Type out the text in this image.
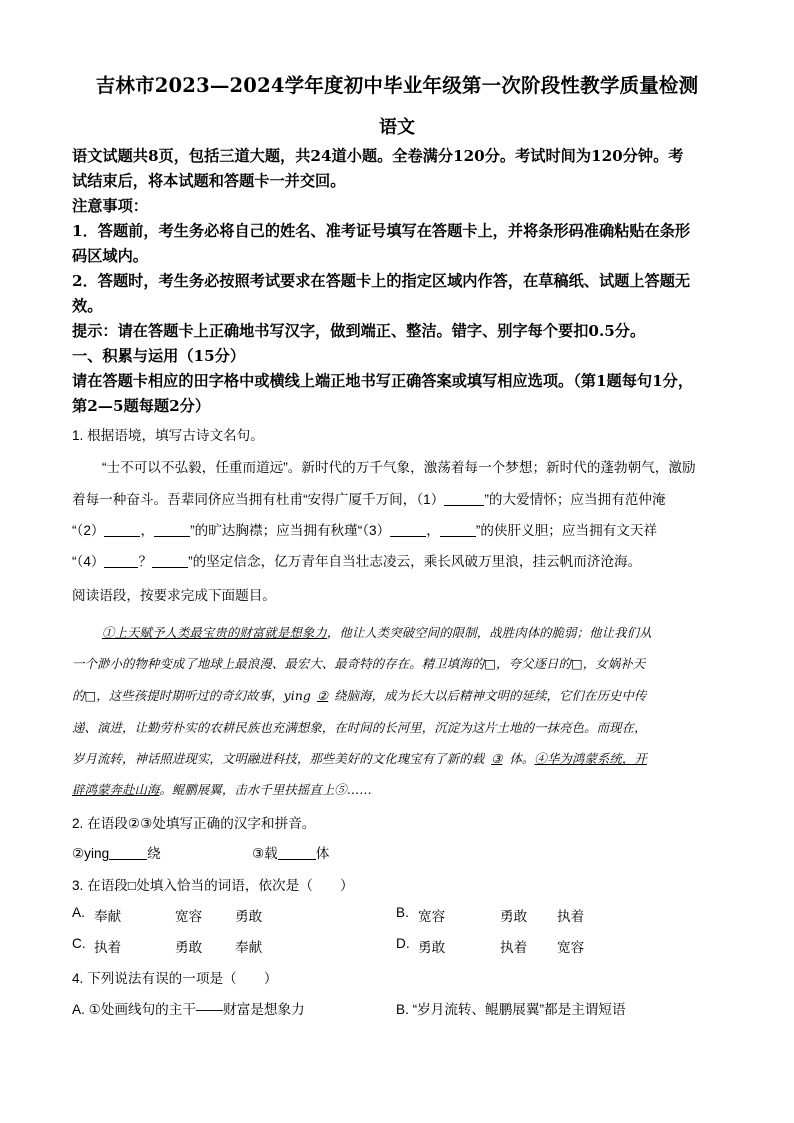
吉林市2023—2024学年度初中毕业年级第一次阶段性教学质量检测
语文
语文试题共8页，包括三道大题，共24道小题。全卷满分120分。考试时间为120分钟。考
试结束后，将本试题和答题卡一并交回。
注意事项：
1．答题前，考生务必将自己的姓名、准考证号填写在答题卡上，并将条形码准确粘贴在条形
码区域内。
2．答题时，考生务必按照考试要求在答题卡上的指定区域内作答，在草稿纸、试题上答题无
效。
提示：请在答题卡上正确地书写汉字，做到端正、整洁。错字、别字每个要扣0.5分。
一、积累与运用（15分）
请在答题卡相应的田字格中或横线上端正地书写正确答案或填写相应选项。（第1题每句1分，
第2—5题每题2分）
1. 根据语境，填写古诗文名句。
“士不可以不弘毅，任重而道远”。新时代的万千气象，激荡着每一个梦想；新时代的蓬勃朝气，激励
着每一种奋斗。吾辈同侪应当拥有杜甫“安得广厦千万间，（1）	”的大爱情怀；应当拥有范仲淹
“（2）	，	”的旷达胸襟；应当拥有秋瑾“（3）	，	”的侠肝义胆；应当拥有文天祥
“（4）	？	”的坚定信念，亿万青年自当壮志凌云，乘长风破万里浪，挂云帆而济沧海。
阅读语段，按要求完成下面题目。
①上天赋予人类最宝贵的财富就是想象力，他让人类突破空间的限制，战胜肉体的脆弱；他让我们从
一个渺小的物种变成了地球上最浪漫、最宏大、最奇特的存在。精卫填海的□，夸父逐日的□，女娲补天
的□，这些孩提时期听过的奇幻故事，ying ② 绕脑海，成为长大以后精神文明的延续，它们在历史中传
递、演进，让勤劳朴实的农耕民族也充满想象，在时间的长河里，沉淀为这片土地的一抹亮色。而现在，
岁月流转，神话照进现实，文明融进科技，那些美好的文化瑰宝有了新的载 ③ 体。④华为鸿蒙系统，开
辟鸿蒙奔赴山海。鲲鹏展翼，击水千里扶摇直上⑤……
2. 在语段②③处填写正确的汉字和拼音。
②ying	绕	③载	体
3. 在语段□处填入恰当的词语，依次是（　　）
A. 奉献	宽容 勇敢	B. 宽容	勇敢 执着
C. 执着	勇敢 奉献	D. 勇敢	执着 宽容
4. 下列说法有误的一项是（　　）
A. ①处画线句的主干——财富是想象力	B. “岁月流转、鲲鹏展翼”都是主谓短语
